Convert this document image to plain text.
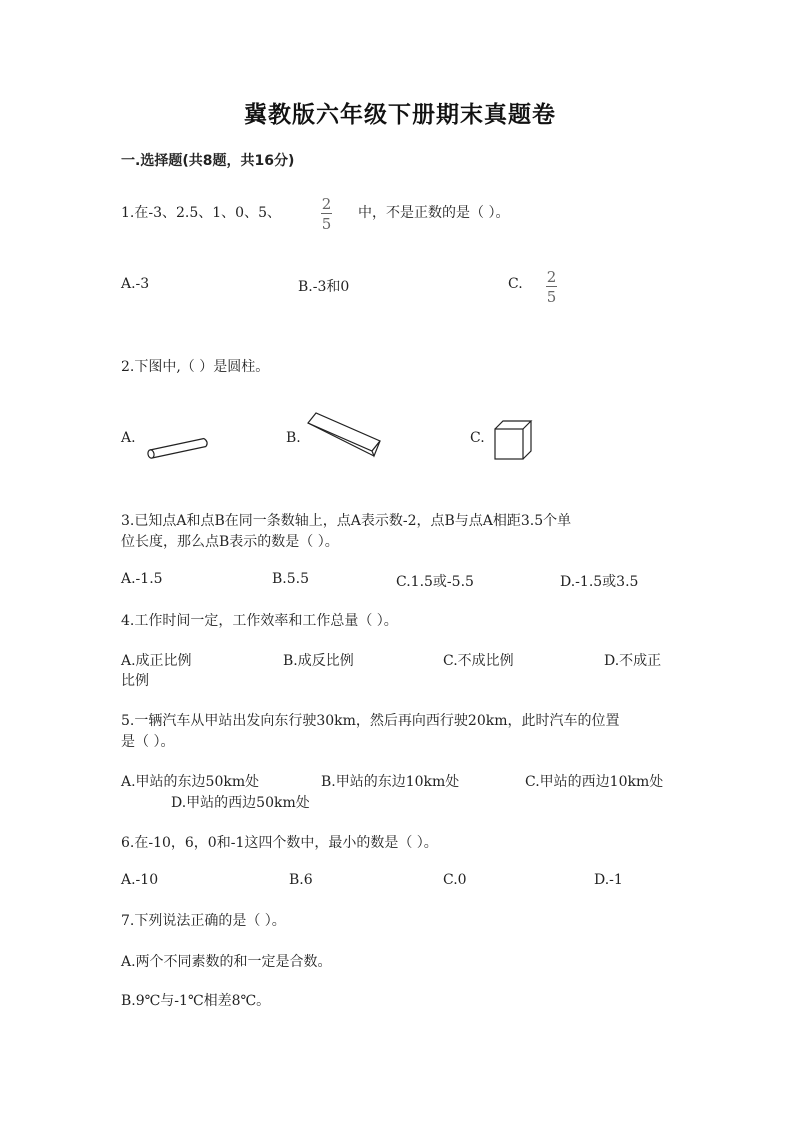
冀教版六年级下册期末真题卷
一.选择题(共8题，共16分)
1.在-3、2.5、1、0、5、	2
5
中，不是正数的是（ ）。
A.-3	B.-3和0	C. 2
5
2.下图中,（ ）是圆柱。
A.	B.	C.
3.已知点A和点B在同一条数轴上，点A表示数-2，点B与点A相距3.5个单
位长度，那么点B表示的数是（ ）。
A.-1.5	B.5.5	C.1.5或-5.5	D.-1.5或3.5
4.工作时间一定，工作效率和工作总量（ ）。
A.成正比例	B.成反比例	C.不成比例	D.不成正
比例
5.一辆汽车从甲站出发向东行驶30km，然后再向西行驶20km，此时汽车的位置
是（ ）。
A.甲站的东边50km处	B.甲站的东边10km处	C.甲站的西边10km处
D.甲站的西边50km处
6.在-10，6，0和-1这四个数中，最小的数是（ ）。
A.-10	B.6	C.0	D.-1
7.下列说法正确的是（ ）。
A.两个不同素数的和一定是合数。
B.9℃与-1℃相差8℃。
